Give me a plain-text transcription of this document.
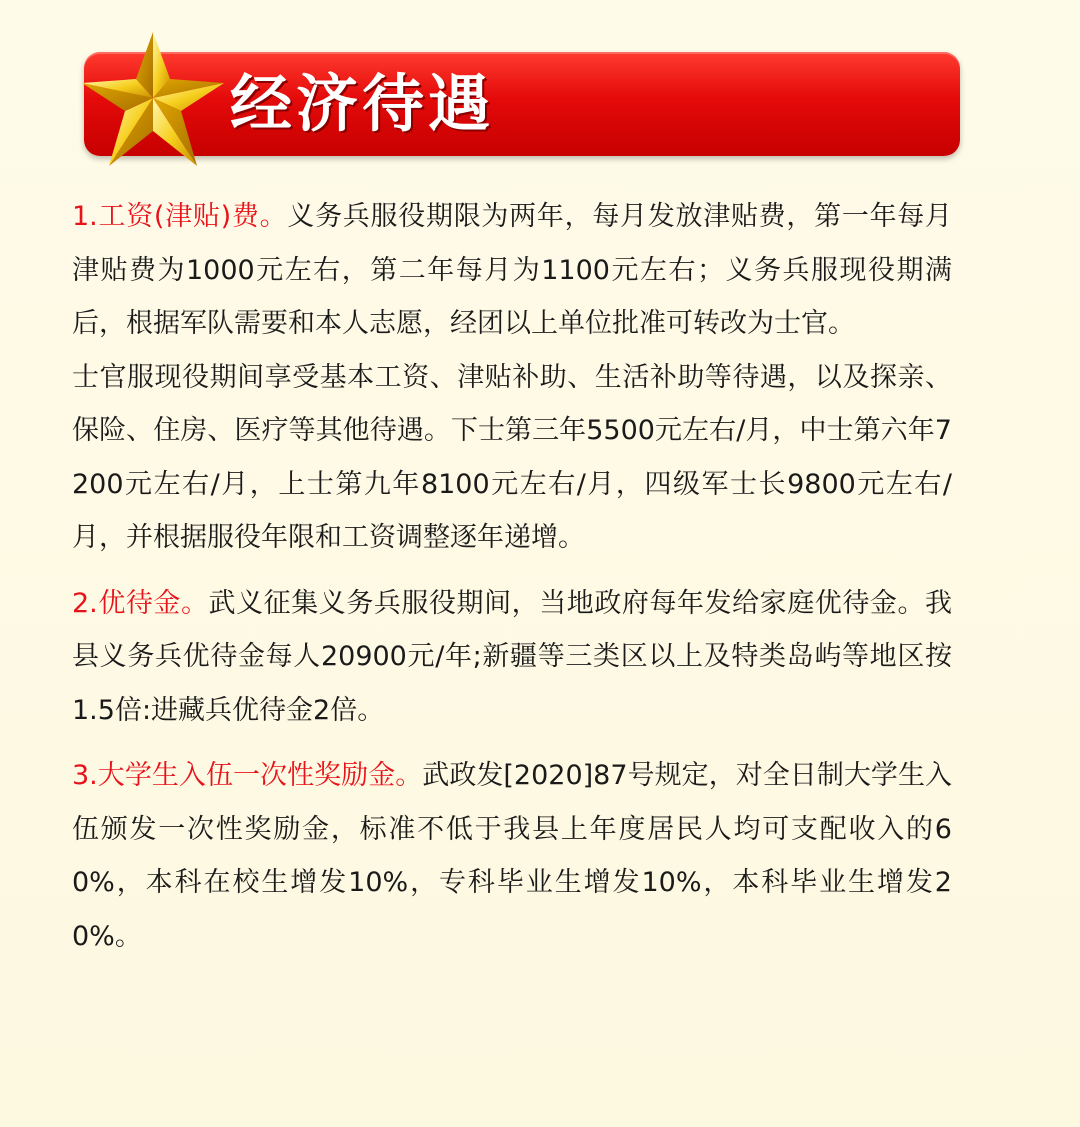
经济待遇

1.工资(津贴)费。义务兵服役期限为两年，每月发放津贴费，第一年每月津贴费为1000元左右，第二年每月为1100元左右；义务兵服现役期满后，根据军队需要和本人志愿，经团以上单位批准可转改为士官。

士官服现役期间享受基本工资、津贴补助、生活补助等待遇，以及探亲、保险、住房、医疗等其他待遇。下士第三年5500元左右/月，中士第六年7200元左右/月，上士第九年8100元左右/月，四级军士长9800元左右/月，并根据服役年限和工资调整逐年递增。

2.优待金。武义征集义务兵服役期间，当地政府每年发给家庭优待金。我县义务兵优待金每人20900元/年;新疆等三类区以上及特类岛屿等地区按1.5倍:进藏兵优待金2倍。

3.大学生入伍一次性奖励金。武政发[2020]87号规定，对全日制大学生入伍颁发一次性奖励金，标准不低于我县上年度居民人均可支配收入的60%，本科在校生增发10%，专科毕业生增发10%，本科毕业生增发20%。
